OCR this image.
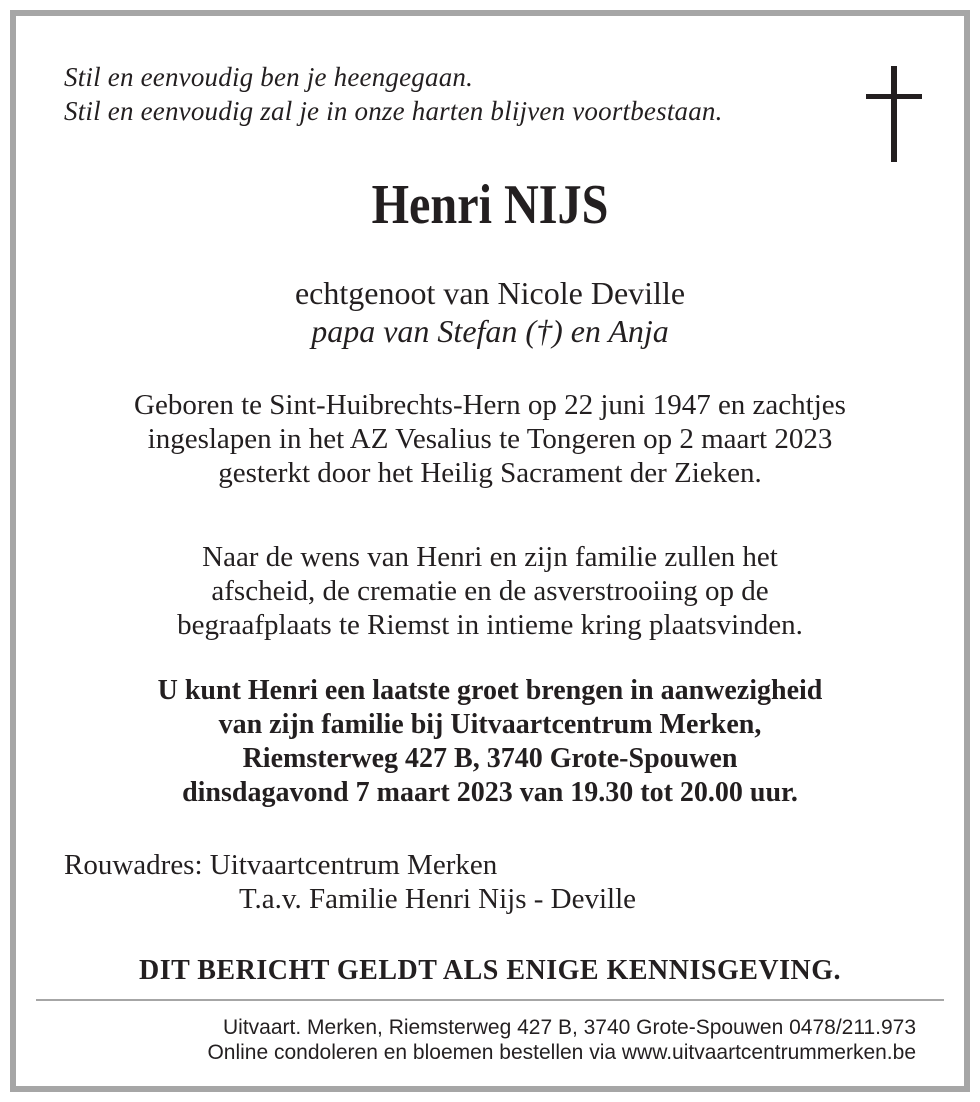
Stil en eenvoudig ben je heengegaan.
Stil en eenvoudig zal je in onze harten blijven voortbestaan.
Henri NIJS
echtgenoot van Nicole Deville
papa van Stefan (†) en Anja
Geboren te Sint-Huibrechts-Hern op 22 juni 1947 en zachtjes
ingeslapen in het AZ Vesalius te Tongeren op 2 maart 2023
gesterkt door het Heilig Sacrament der Zieken.
Naar de wens van Henri en zijn familie zullen het
afscheid, de crematie en de asverstrooiing op de
begraafplaats te Riemst in intieme kring plaatsvinden.
U kunt Henri een laatste groet brengen in aanwezigheid
van zijn familie bij Uitvaartcentrum Merken,
Riemsterweg 427 B, 3740 Grote-Spouwen
dinsdagavond 7 maart 2023 van 19.30 tot 20.00 uur.
Rouwadres: Uitvaartcentrum Merken
T.a.v. Familie Henri Nijs - Deville
DIT BERICHT GELDT ALS ENIGE KENNISGEVING.
Uitvaart. Merken, Riemsterweg 427 B, 3740 Grote-Spouwen 0478/211.973
Online condoleren en bloemen bestellen via www.uitvaartcentrummerken.be
